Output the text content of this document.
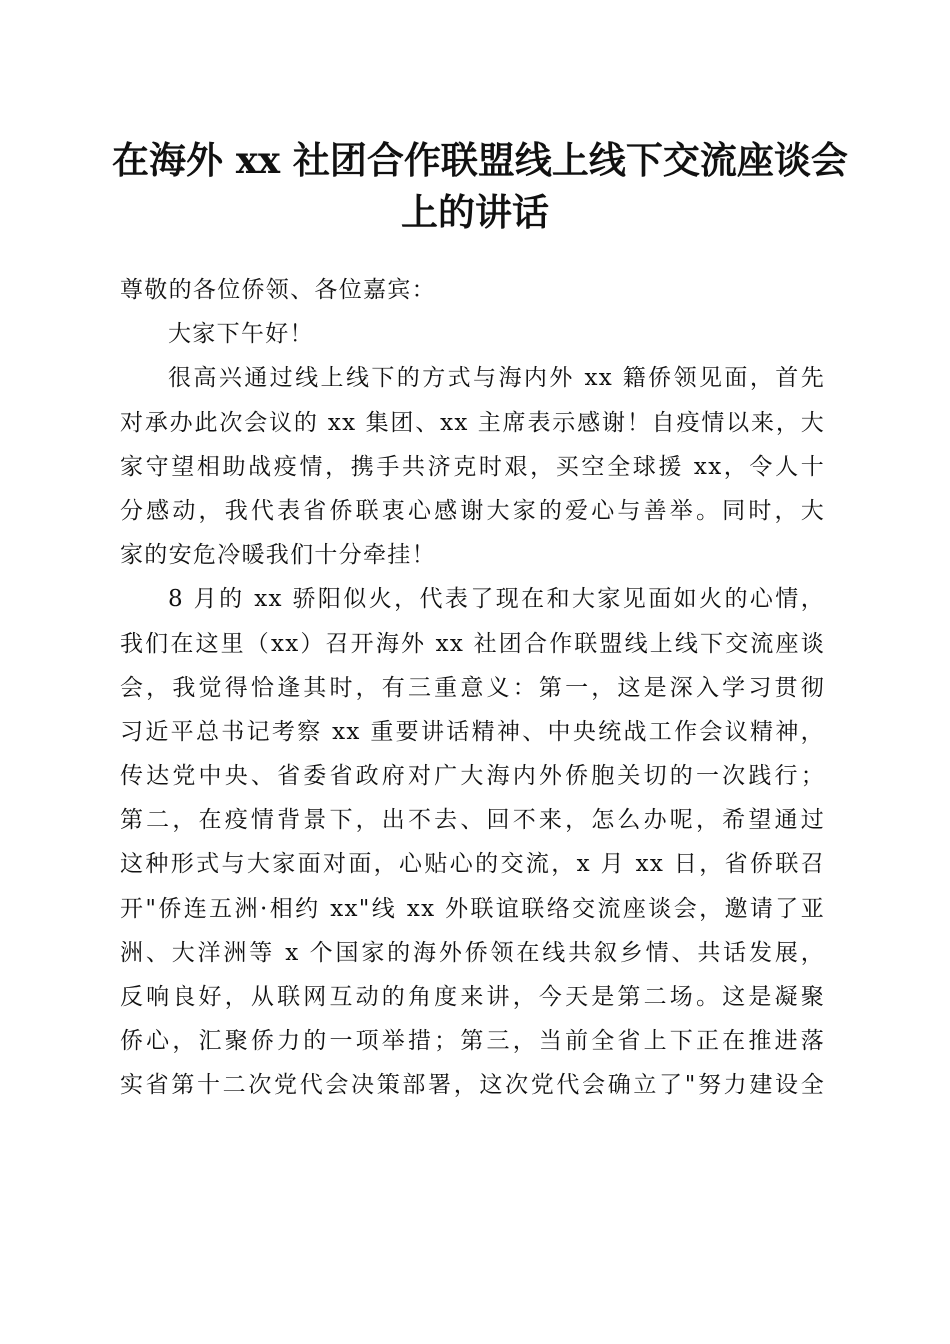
在海外 xx 社团合作联盟线上线下交流座谈会
上的讲话
尊敬的各位侨领、各位嘉宾：
大家下午好！
很高兴通过线上线下的方式与海内外 xx 籍侨领见面，首先
对承办此次会议的 xx 集团、xx 主席表示感谢！自疫情以来，大
家守望相助战疫情，携手共济克时艰，买空全球援 xx，令人十
分感动，我代表省侨联衷心感谢大家的爱心与善举。同时，大
家的安危冷暖我们十分牵挂！
8 月的 xx 骄阳似火，代表了现在和大家见面如火的心情，
我们在这里（xx）召开海外 xx 社团合作联盟线上线下交流座谈
会，我觉得恰逢其时，有三重意义：第一，这是深入学习贯彻
习近平总书记考察 xx 重要讲话精神、中央统战工作会议精神，
传达党中央、省委省政府对广大海内外侨胞关切的一次践行；
第二，在疫情背景下，出不去、回不来，怎么办呢，希望通过
这种形式与大家面对面，心贴心的交流，x 月 xx 日，省侨联召
开"侨连五洲·相约 xx"线 xx 外联谊联络交流座谈会，邀请了亚
洲、大洋洲等 x 个国家的海外侨领在线共叙乡情、共话发展，
反响良好，从联网互动的角度来讲，今天是第二场。这是凝聚
侨心，汇聚侨力的一项举措；第三，当前全省上下正在推进落
实省第十二次党代会决策部署，这次党代会确立了"努力建设全
